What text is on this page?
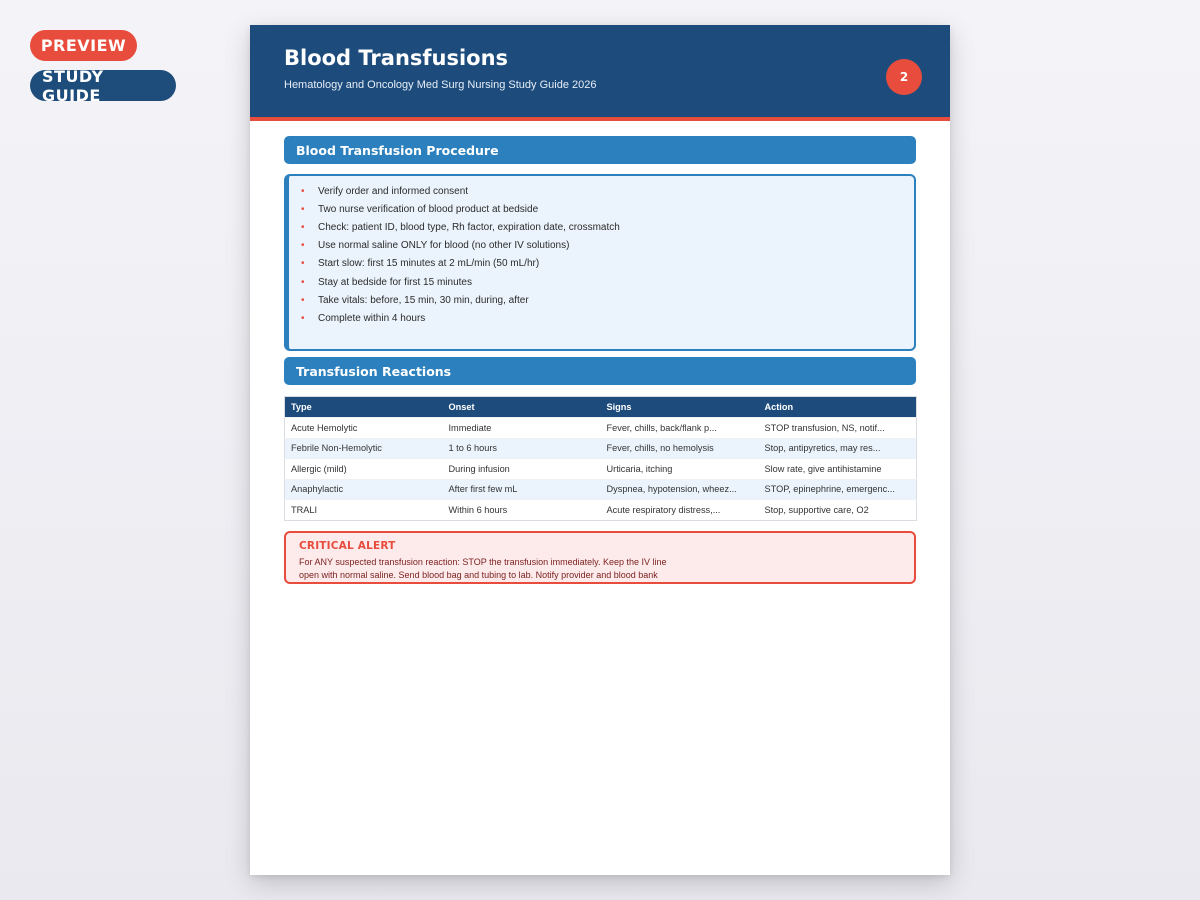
PREVIEW
STUDY GUIDE
Blood Transfusions
Hematology and Oncology Med Surg Nursing Study Guide 2026
2
Blood Transfusion Procedure
•	Verify order and informed consent
•	Two nurse verification of blood product at bedside
•	Check: patient ID, blood type, Rh factor, expiration date, crossmatch
•	Use normal saline ONLY for blood (no other IV solutions)
•	Start slow: first 15 minutes at 2 mL/min (50 mL/hr)
•	Stay at bedside for first 15 minutes
•	Take vitals: before, 15 min, 30 min, during, after
•	Complete within 4 hours
Transfusion Reactions
Type	Onset	Signs	Action
Acute Hemolytic	Immediate	Fever, chills, back/flank p...	STOP transfusion, NS, notif...
Febrile Non-Hemolytic	1 to 6 hours	Fever, chills, no hemolysis	Stop, antipyretics, may res...
Allergic (mild)	During infusion	Urticaria, itching	Slow rate, give antihistamine
Anaphylactic	After first few mL	Dyspnea, hypotension, wheez...	STOP, epinephrine, emergenc...
TRALI	Within 6 hours	Acute respiratory distress,...	Stop, supportive care, O2
CRITICAL ALERT
For ANY suspected transfusion reaction: STOP the transfusion immediately. Keep the IV line open with normal saline. Send blood bag and tubing to lab. Notify provider and blood bank
